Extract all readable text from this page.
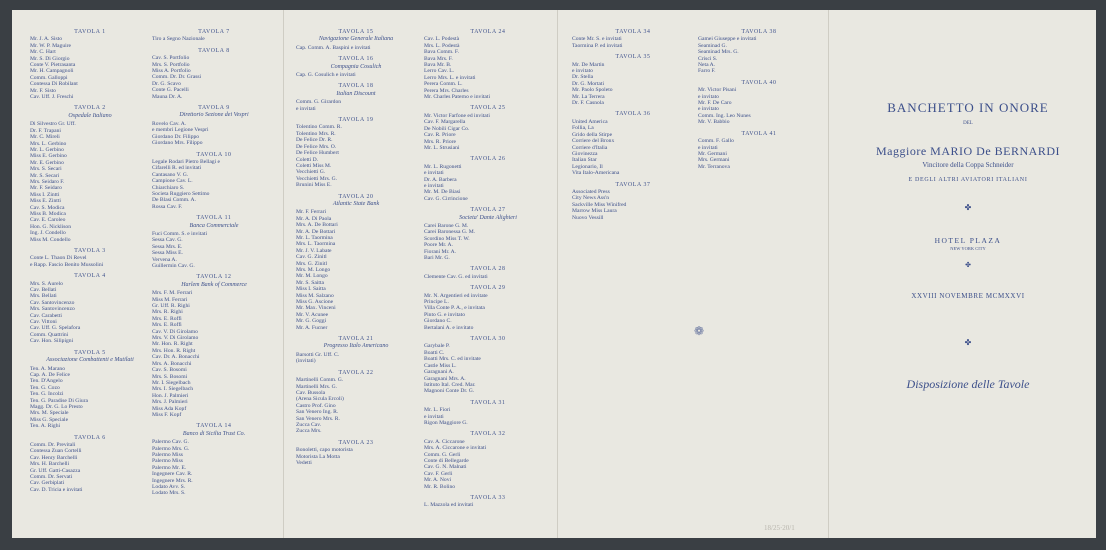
TAVOLA 1
Mr. J. A. Sisto
Mr. W. P. Maguire
Mr. C. Hart
Mr. S. Di Giorgio
Conte V. Pietrasanta
Mr. H. Campagnoli
Comm. Galloppi
Contessa Di Robilant
Mr. F. Sisto
Cav. Uff. J. Freschi
TAVOLA 2
Ospedale Italiano
Di Silvestro Gr. Uff.
Dr. F. Trapani
Mr. C. Mireli
Mrs. L. Gerbino
Mr. L. Gerbino
Miss E. Gerbino
Mr. E. Gerbino
Mrs. S. Secari
Mr. S. Secari
Mrs. Seidaro F.
Mr. F. Seidaro
Miss I. Zintti
Miss E. Zintti
Cav. S. Modica
Miss B. Modica
Cav. E. Caroleo
Hon. G. Nicklison
Ing. J. Condello
Miss M. Condello
TAVOLA 3
Conte L. Thaon Di Revel
e Rapp. Fascio Benito Mussolini
TAVOLA 4
Mrs. S. Aurelo
Cav. Bellati
Mrs. Bellati
Cav. Santovincenzo
Mrs. Santovincenzo
Cav. Carabetti
Cav. Vittoni
Cav. Uff. G. Spelafora
Comm. Quattrini
Cav. Hon. Silipigni
TAVOLA 5
Associazione Combattenti e Mutilati
Ten. A. Marano
Cap. A. De Felice
Ten. D'Angelo
Ten. G. Cozo
Ten. G. Incolzi
Ten. G. Paradise Di Giura
Magg. Dr. G. Lo Presto
Mrs. M. Speciale
Miss G. Speciale
Ten. A. Righi
TAVOLA 6
Comm. Dr. Previtali
Contessa Zuan Cortelli
Cav. Henry Barchelli
Mrs. H. Barchelli
Gr. Uff. Gatti-Casazza
Comm. Dr. Servati
Cav. Gerbiplati
Cav. D. Tricia e invitati
TAVOLA 7
Tiro a Segno Nazionale
TAVOLA 8
Cav. S. Portfolio
Mrs. S. Portfolio
Miss A. Portfolio
Comm. Dr. Dr. Grassi
Dr. G. Scavo
Conte G. Pacelli
Mauna Dr. A.
TAVOLA 9
Direttorio Sezione dei Vespri
Rovelo Cav. A.
e membri Legione Vespri
Giordano Dr. Filippo
Giordano Mrs. Filippo
TAVOLA 10
Legale Rodari Pietro Bellagi e
Cifarelli R. ed invitati
Cantasano V. G.
Campione Cav. L.
Chiarchiaro S.
Societa Ruggiero Settimo
De Blasi Comm. A.
Rossa Cav. F.
TAVOLA 11
Banca Commerciale
Fuci Comm. S. e invitati
Sessa Cav. G.
Sessa Mrs. E.
Sessa Miss E.
Vervena A.
Guillermin Cav. G.
TAVOLA 12
Harlem Bank of Commerce
Mrs. F. M. Ferrari
Miss M. Ferrari
Gr. Uff. R. Righi
Mrs. R. Righi
Mrs. E. Roffi
Mrs. E. Roffi
Cav. V. Di Girolamo
Mrs. V. Di Girolamo
Mr. Hon. R. Right
Mrs. Hon. R. Right
Cav. Dr. A. Bonacchi
Mrs. A. Bonacchi
Cav. S. Bosomi
Mrs. S. Bosomi
Mr. I. Siegelbach
Mrs. I. Siegelbach
Hon. J. Palmieri
Mrs. J. Palmieri
Miss Ada Kopf
Miss F. Kopf
TAVOLA 14
Banco di Sicilia Trust Co.
Palermo Cav. G.
Palermo Mrs. G.
Palermo Miss
Palermo Miss
Palermo Mr. E.
Ingegnere Cav. R.
Ingegnere Mrs. R.
Lodato Avv. S.
Lodato Mrs. S.
TAVOLA 15
Navigazione Generale Italiana
Cap. Comm. A. Baspini e invitati
TAVOLA 16
Compagnia Cosulich
Cap. G. Cosulich e invitati
TAVOLA 18
Italian Discount
Comm. G. Girardon
e invitati
TAVOLA 19
Tolentino Comm. R.
Tolentino Mrs. R.
De Felice Dr. R.
De Felice Mrs. O.
De Felice Humbert
Coletti D.
Coletti Miss M.
Vecchietti G.
Vecchietti Mrs. G.
Brunini Miss E.
TAVOLA 20
Atlantic State Bank
Mr. F. Ferrari
Mr. A. Di Paola
Mrs. A. De Bottari
Mr. A. De Bottari
Mr. L. Taormina
Mrs. L. Taormina
Mr. J. V. Labate
Cav. G. Zinitl
Mrs. G. Zinitl
Mrs. M. Longo
Mr. M. Longo
Mr. S. Saitta
Miss I. Saitta
Miss M. Salzano
Miss G. Ascione
Mr. Max. Vinceni
Mr. V. Acunee
Mr. G. Goggi
Mr. A. Fucner
TAVOLA 21
Progresso Italo Americano
Barsotti Gr. Uff. C.
(invitati)
TAVOLA 22
Martinelli Comm. G.
Martinelli Mrs. G.
Cav. Bussola
(Arena Sicula Ercoli)
Castro Prof. Gino
San Venero Ing. R.
San Venero Mrs. R.
Zucca Cav.
Zucca Mrs.
TAVOLA 23
Bonoletti, capo motorista
Motorista La Motta
Vedetti
TAVOLA 24
Cav. L. Podestà
Mrs. L. Podestà
Bava Comm. F.
Bava Mrs. F.
Bava Mr. B.
Lerro Cav. L.
Lerro Mrs. L. e invitati
Perera Comm. L.
Perera Mrs. Charles
Mr. Charles Paterno e invitati
TAVOLA 25
Mr. Victor Farfone ed invitati
Cav. F. Margarella
De Nobili Cigar Co.
Cav. R. Priore
Mrs. R. Priore
Mr. L. Strusiani
TAVOLA 26
Mr. L. Rugonetti
e invitati
Dr. A. Barbera
e invitati
Mr. M. De Biasi
Cav. G. Cirrincione
TAVOLA 27
Societa' Dante Alighieri
Carei Barone G. M.
Carei Baronessa G. M.
Scordino Miss T. W.
Poore Mr. A.
Fiorani Mr. A.
Bari Mr. G.
TAVOLA 28
Clemente Cav. G. ed invitati
TAVOLA 29
Mr. N. Argentieri ed invitate
Principe L.
Villa Conte P. A., e invitata
Pinto G. e invitato
Giordano C.
Bertalani A. e invitato
TAVOLA 30
Garybale P.
Boatti C.
Boatti Mrs. C. ed invitate
Castle Miss L.
Garagnani A.
Garagnani Mrs. A.
Istituto Ital. Cred. Mar.
Magnoni Conte Dr. G.
TAVOLA 31
Mr. L. Fiori
e invitati
Rigon Maggiore G.
TAVOLA 32
Cav. A. Ciccarone
Mrs. A. Ciccarone e invitati
Comm. G. Gerli
Conte di Bellegarde
Cav. G. N. Malnati
Cav. F. Gerli
Mr. A. Novi
Mr. R. Bolino
TAVOLA 33
L. Mazzola ed invitati
TAVOLA 34
Conte Mr. S. e invitati
Taormina P. ed invitati
TAVOLA 35
Mr. De Martin
e invitato
Dr. Stella
Dr. G. Mortati
Mr. Paolo Spoleto
Mr. La Terrera
Dr. F. Casnola
TAVOLA 36
United America
Follia, La
Grido della Stirpe
Corriere del Bronx
Corriere d'Italia
Giovinezza
Italian Star
Legionario, Il
Vita Italo-Americana
TAVOLA 37
Associated Press
City News Ass'n
Sackville Miss Winifred
Marrow Miss Laura
Nuovo Vessill
TAVOLA 38
Gamei Giuseppe e invitati
Seaminad G.
Seaminad Mrs. G.
Crisci S.
Neta A.
Farro F.
TAVOLA 40
Mr. Victor Pisani
e invitato
Mr. F. De Caro
e invitato
Comm. Ing. Leo Nunes
Mr. V. Babbio
TAVOLA 41
Comm. F. Gallo
e invitati
Mr. Germani
Mrs. Germani
Mr. Terranova
❁
BANCHETTO IN ONORE
DEL
Maggiore MARIO De BERNARDI
Vincitore della Coppa Schneider
E DEGLI ALTRI AVIATORI ITALIANI
✤
HOTEL PLAZA
NEW YORK CITY
✤
XXVIII NOVEMBRE MCMXXVI
✤
Disposizione delle Tavole
18/25·20/1
